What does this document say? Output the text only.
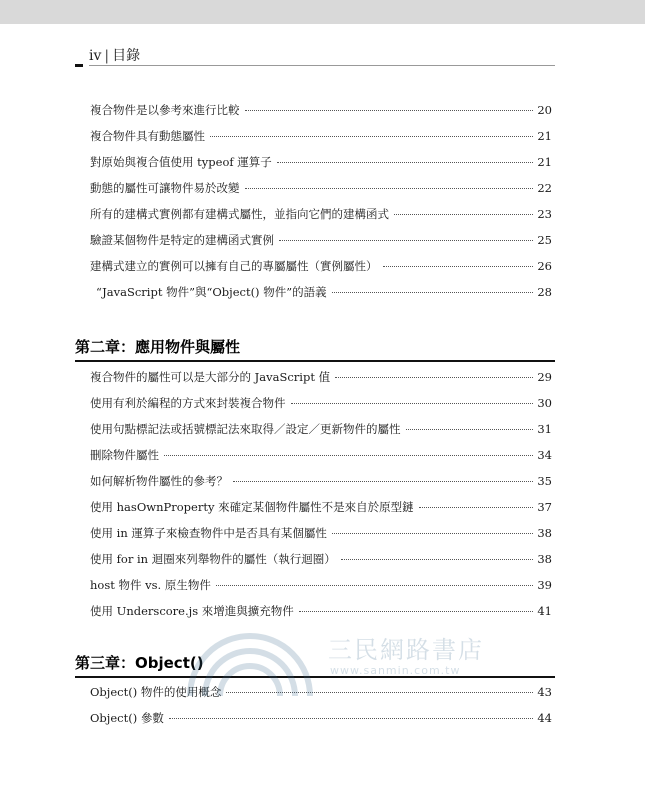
iv | 目錄
複合物件是以參考來進行比較	20
複合物件具有動態屬性	21
對原始與複合值使用 typeof 運算子	21
動態的屬性可讓物件易於改變	22
所有的建構式實例都有建構式屬性，並指向它們的建構函式	23
驗證某個物件是特定的建構函式實例	25
建構式建立的實例可以擁有自己的專屬屬性（實例屬性）	26
“JavaScript 物件”與“Object() 物件”的語義	28
第二章：應用物件與屬性
複合物件的屬性可以是大部分的 JavaScript 值	29
使用有利於編程的方式來封裝複合物件	30
使用句點標記法或括號標記法來取得／設定／更新物件的屬性	31
刪除物件屬性	34
如何解析物件屬性的參考？	35
使用 hasOwnProperty 來確定某個物件屬性不是來自於原型鏈	37
使用 in 運算子來檢查物件中是否具有某個屬性	38
使用 for in 迴圈來列舉物件的屬性（執行迴圈）	38
host 物件 vs. 原生物件	39
使用 Underscore.js 來增進與擴充物件	41
第三章：Object()
Object() 物件的使用概念	43
Object() 參數	44
三民網路書店
www.sanmin.com.tw
